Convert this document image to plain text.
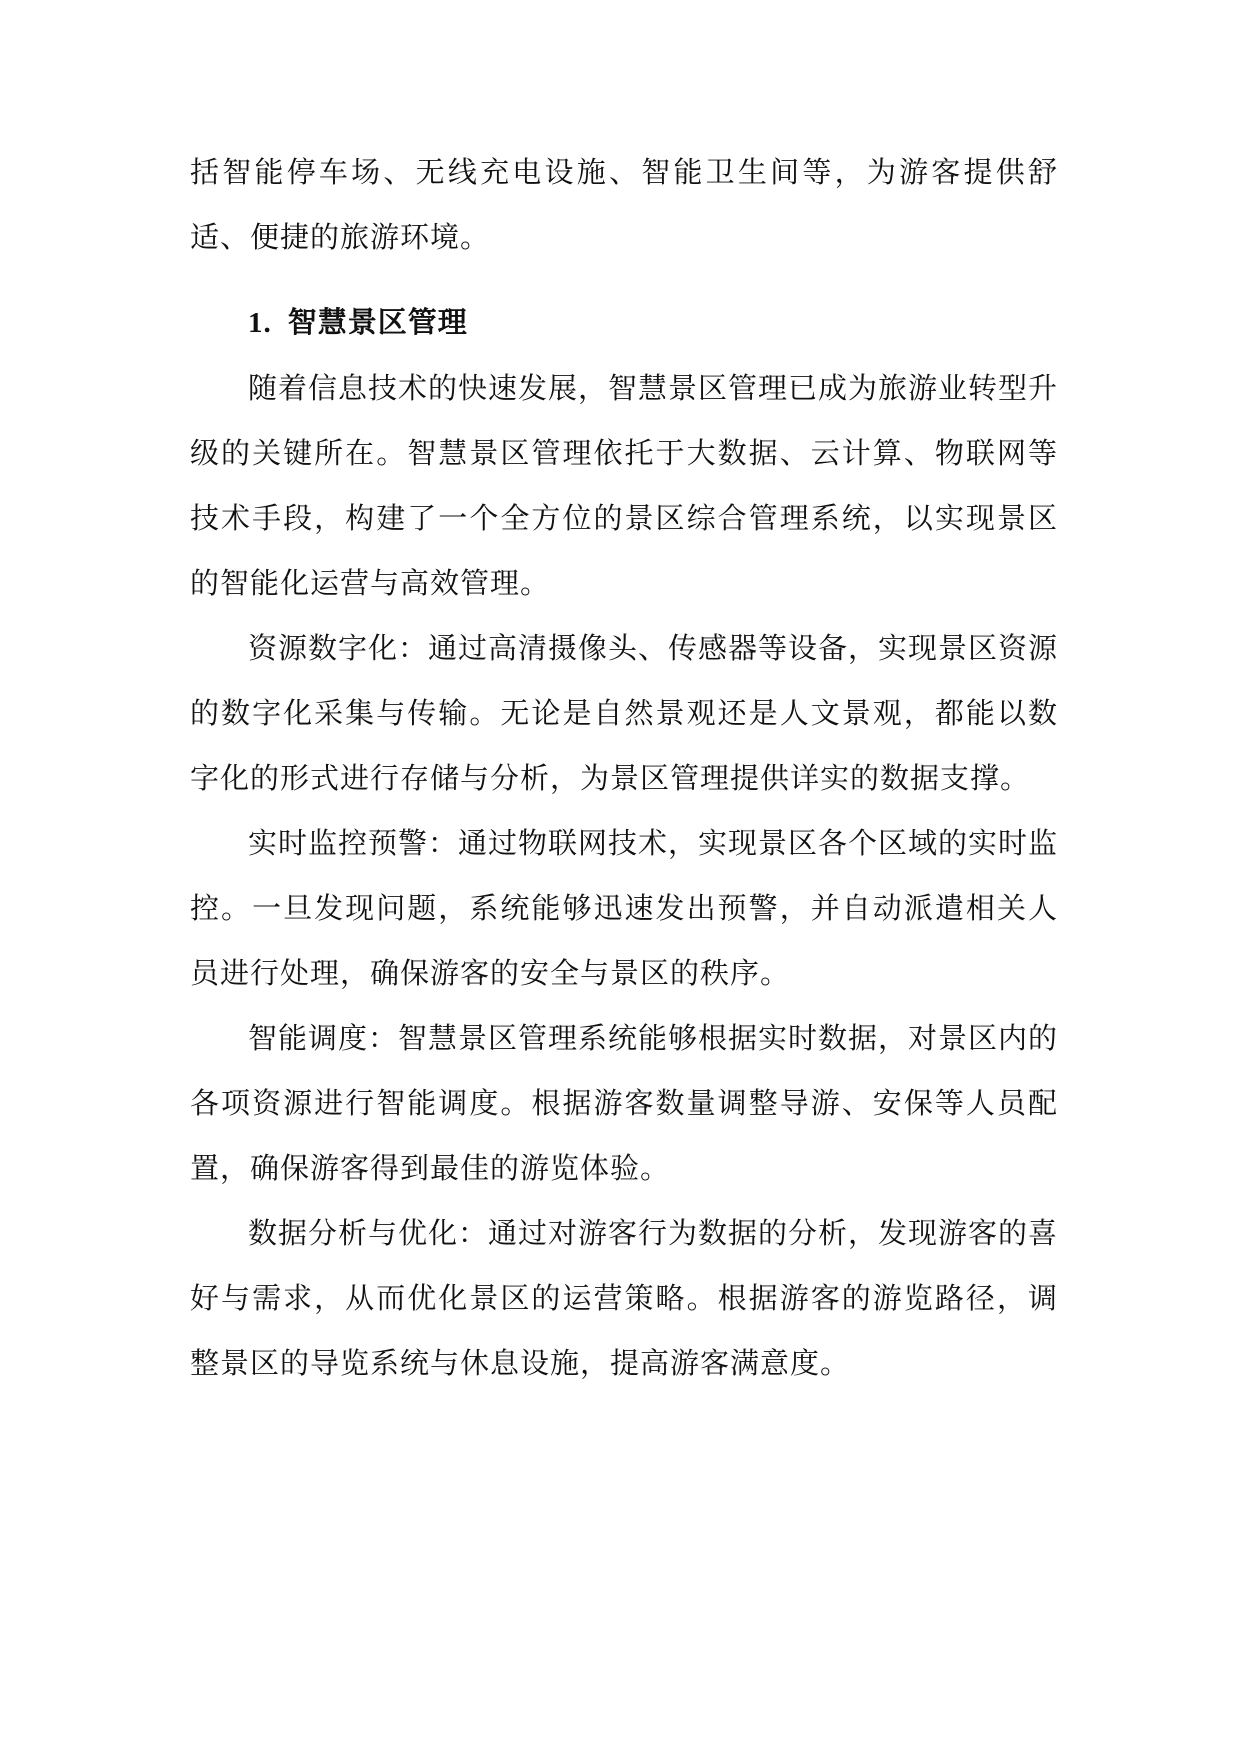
括智能停车场、无线充电设施、智能卫生间等，为游客提供舒适、便捷的旅游环境。

1. 智慧景区管理

随着信息技术的快速发展，智慧景区管理已成为旅游业转型升级的关键所在。智慧景区管理依托于大数据、云计算、物联网等技术手段，构建了一个全方位的景区综合管理系统，以实现景区的智能化运营与高效管理。

资源数字化：通过高清摄像头、传感器等设备，实现景区资源的数字化采集与传输。无论是自然景观还是人文景观，都能以数字化的形式进行存储与分析，为景区管理提供详实的数据支撑。

实时监控预警：通过物联网技术，实现景区各个区域的实时监控。一旦发现问题，系统能够迅速发出预警，并自动派遣相关人员进行处理，确保游客的安全与景区的秩序。

智能调度：智慧景区管理系统能够根据实时数据，对景区内的各项资源进行智能调度。根据游客数量调整导游、安保等人员配置，确保游客得到最佳的游览体验。

数据分析与优化：通过对游客行为数据的分析，发现游客的喜好与需求，从而优化景区的运营策略。根据游客的游览路径，调整景区的导览系统与休息设施，提高游客满意度。
